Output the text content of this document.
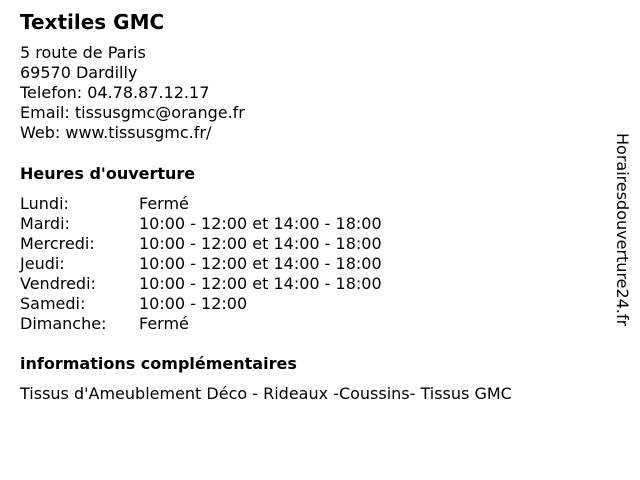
Textiles GMC
5 route de Paris
69570 Dardilly
Telefon: 04.78.87.12.17
Email: tissusgmc@orange.fr
Web: www.tissusgmc.fr/
Heures d'ouverture
Lundi:	Fermé
Mardi:	10:00 - 12:00 et 14:00 - 18:00
Mercredi:	10:00 - 12:00 et 14:00 - 18:00
Jeudi:	10:00 - 12:00 et 14:00 - 18:00
Vendredi:	10:00 - 12:00 et 14:00 - 18:00
Samedi:	10:00 - 12:00
Dimanche: Fermé
informations complémentaires
Tissus d'Ameublement Déco - Rideaux -Coussins- Tissus GMC
Horairesdouverture24.fr
